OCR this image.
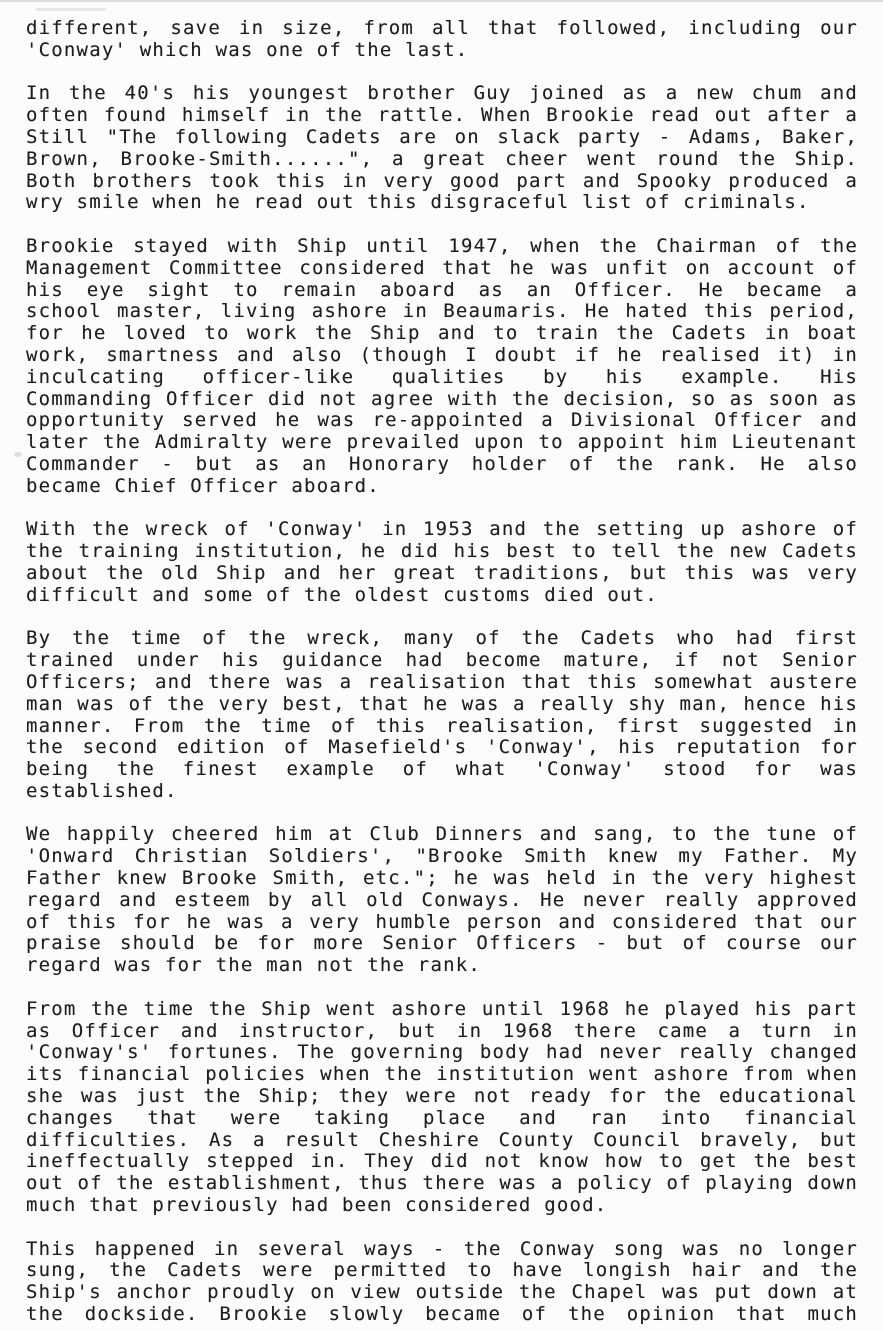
different, save in size, from all that followed, including our
'Conway' which was one of the last.
In the 40's his youngest brother Guy joined as a new chum and
often found himself in the rattle. When Brookie read out after a
Still "The following Cadets are on slack party - Adams, Baker,
Brown, Brooke-Smith......", a great cheer went round the Ship.
Both brothers took this in very good part and Spooky produced a
wry smile when he read out this disgraceful list of criminals.
Brookie stayed with Ship until 1947, when the Chairman of the
Management Committee considered that he was unfit on account of
his eye sight to remain aboard as an Officer. He became a
school master, living ashore in Beaumaris. He hated this period,
for he loved to work the Ship and to train the Cadets in boat
work, smartness and also (though I doubt if he realised it) in
inculcating officer-like qualities by his example. His
Commanding Officer did not agree with the decision, so as soon as
opportunity served he was re-appointed a Divisional Officer and
later the Admiralty were prevailed upon to appoint him Lieutenant
Commander - but as an Honorary holder of the rank. He also
became Chief Officer aboard.
With the wreck of 'Conway' in 1953 and the setting up ashore of
the training institution, he did his best to tell the new Cadets
about the old Ship and her great traditions, but this was very
difficult and some of the oldest customs died out.
By the time of the wreck, many of the Cadets who had first
trained under his guidance had become mature, if not Senior
Officers; and there was a realisation that this somewhat austere
man was of the very best, that he was a really shy man, hence his
manner. From the time of this realisation, first suggested in
the second edition of Masefield's 'Conway', his reputation for
being the finest example of what 'Conway' stood for was
established.
We happily cheered him at Club Dinners and sang, to the tune of
'Onward Christian Soldiers', "Brooke Smith knew my Father. My
Father knew Brooke Smith, etc."; he was held in the very highest
regard and esteem by all old Conways. He never really approved
of this for he was a very humble person and considered that our
praise should be for more Senior Officers - but of course our
regard was for the man not the rank.
From the time the Ship went ashore until 1968 he played his part
as Officer and instructor, but in 1968 there came a turn in
'Conway's' fortunes. The governing body had never really changed
its financial policies when the institution went ashore from when
she was just the Ship; they were not ready for the educational
changes that were taking place and ran into financial
difficulties. As a result Cheshire County Council bravely, but
ineffectually stepped in. They did not know how to get the best
out of the establishment, thus there was a policy of playing down
much that previously had been considered good.
This happened in several ways - the Conway song was no longer
sung, the Cadets were permitted to have longish hair and the
Ship's anchor proudly on view outside the Chapel was put down at
the dockside. Brookie slowly became of the opinion that much
